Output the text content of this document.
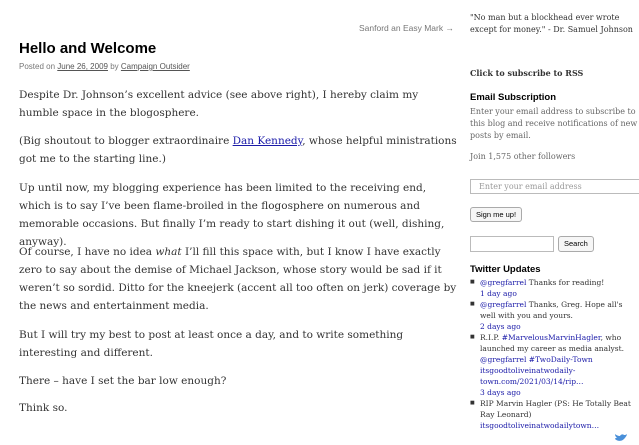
Sanford an Easy Mark →
Hello and Welcome
Posted on June 26, 2009 by Campaign Outsider

Despite Dr. Johnson’s excellent advice (see above right), I hereby claim my humble space in the blogosphere.

(Big shoutout to blogger extraordinaire Dan Kennedy, whose helpful ministrations got me to the starting line.)

Up until now, my blogging experience has been limited to the receiving end, which is to say I’ve been flame-broiled in the flogosphere on numerous and memorable occasions. But finally I’m ready to start dishing it out (well, dishing, anyway).

Of course, I have no idea what I’ll fill this space with, but I know I have exactly zero to say about the demise of Michael Jackson, whose story would be sad if it weren’t so sordid. Ditto for the kneejerk (accent all too often on jerk) coverage by the news and entertainment media.

But I will try my best to post at least once a day, and to write something interesting and different.

There – have I set the bar low enough?

Think so.

"No man but a blockhead ever wrote except for money." - Dr. Samuel Johnson
Click to subscribe to RSS
Email Subscription
Enter your email address to subscribe to this blog and receive notifications of new posts by email.
Join 1,575 other followers
Enter your email address
Sign me up!
Search
Twitter Updates
■ @gregfarrel Thanks for reading!
1 day ago
■ @gregfarrel Thanks, Greg. Hope all's well with you and yours.
2 days ago
■ R.I.P. #MarvelousMarvinHagler, who launched my career as media analyst. @gregfarrel #TwoDaily-Town itsgoodtoliveinatwodaily-town.com/2021/03/14/rip…
3 days ago
■ RIP Marvin Hagler (PS: He Totally Beat Ray Leonard) itsgoodtoliveinatwodailytown…
